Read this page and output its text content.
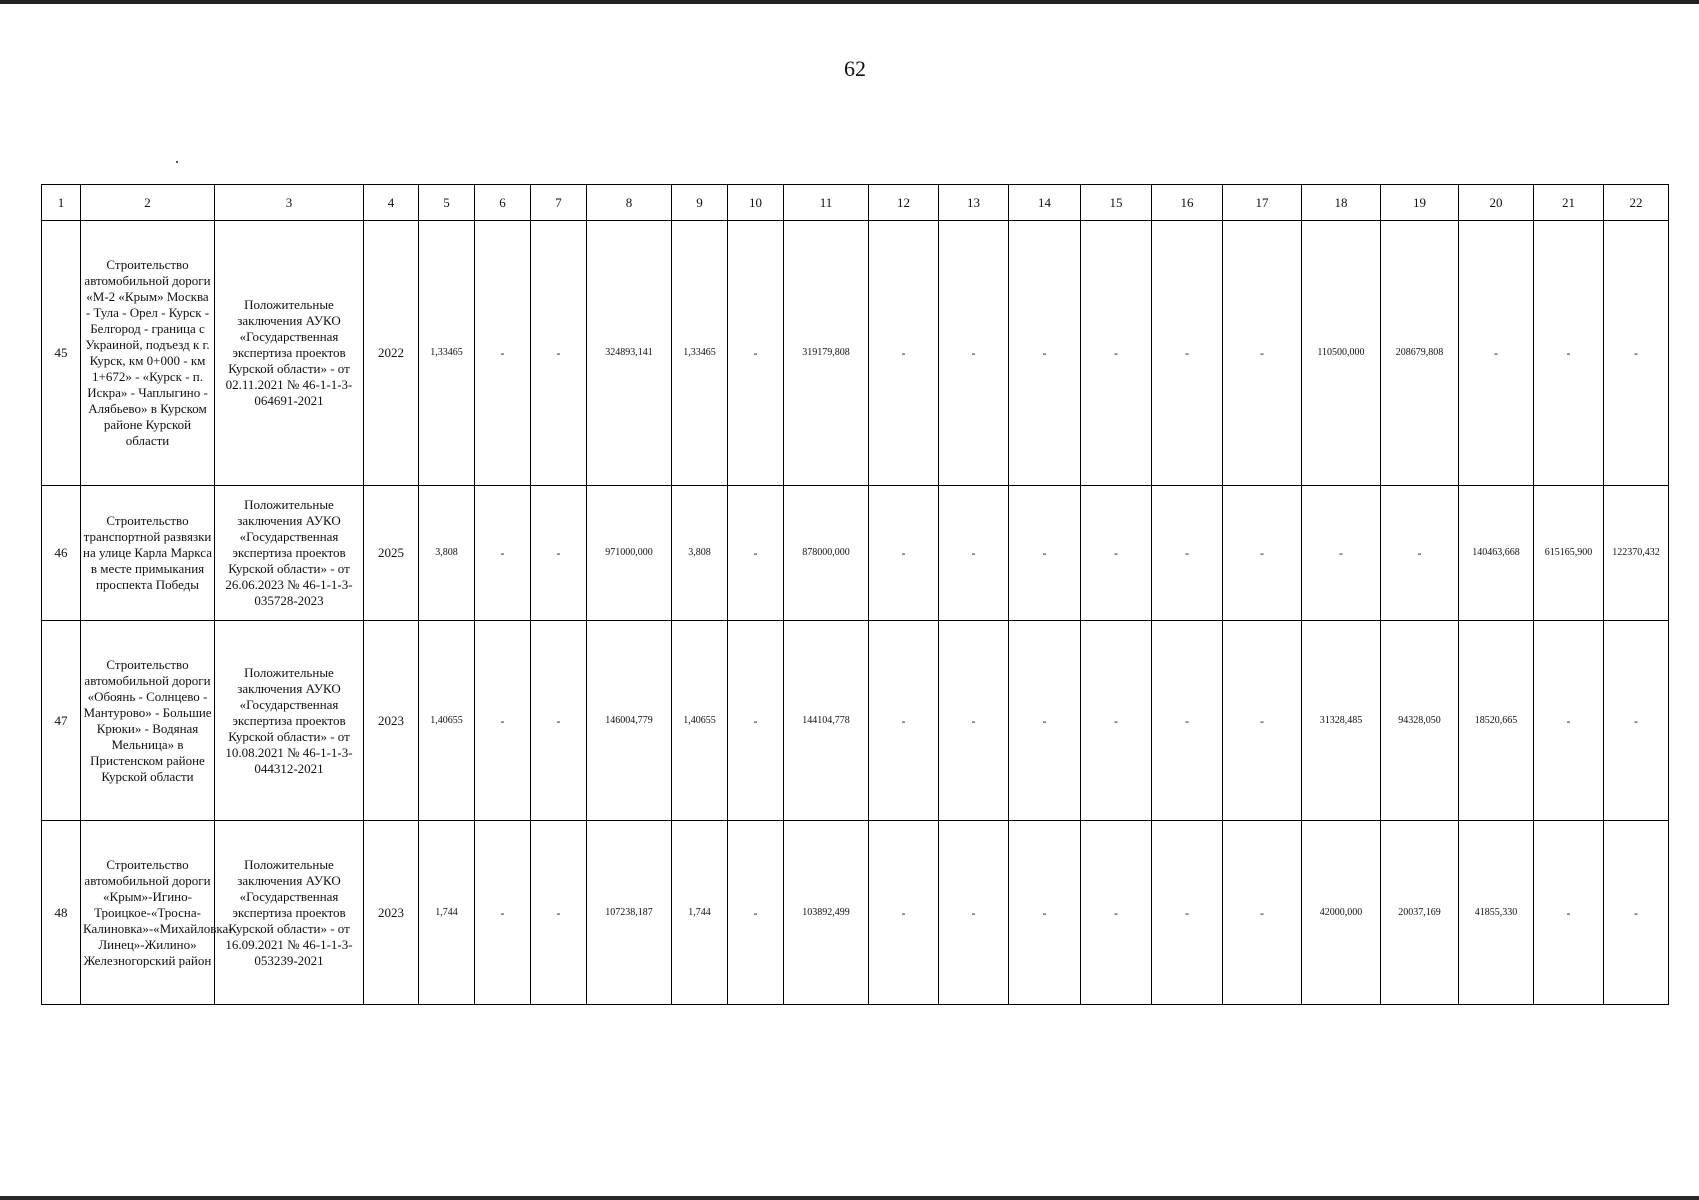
62
1	2	3	4	5	6	7	8	9	10	11	12	13	14	15	16	17	18	19	20	21	22
45	Строительство автомобильной дороги «М-2 «Крым» Москва - Тула - Орел - Курск - Белгород - граница с Украиной, подъезд к г. Курск, км 0+000 - км 1+672» - «Курск - п. Искра» - Чаплыгино - Алябьево» в Курском районе Курской области	Положительные заключения АУКО «Государственная экспертиза проектов Курской области» - от 02.11.2021 № 46-1-1-3-064691-2021	2022	1,33465	-	-	324893,141	1,33465	-	319179,808	-	-	-	-	-	-	110500,000	208679,808	-	-	-
46	Строительство транспортной развязки на улице Карла Маркса в месте примыкания проспекта Победы	Положительные заключения АУКО «Государственная экспертиза проектов Курской области» - от 26.06.2023 № 46-1-1-3-035728-2023	2025	3,808	-	-	971000,000	3,808	-	878000,000	-	-	-	-	-	-	-	-	140463,668	615165,900	122370,432
47	Строительство автомобильной дороги «Обоянь - Солнцево - Мантурово» - Большие Крюки» - Водяная Мельница» в Пристенском районе Курской области	Положительные заключения АУКО «Государственная экспертиза проектов Курской области» - от 10.08.2021 № 46-1-1-3-044312-2021	2023	1,40655	-	-	146004,779	1,40655	-	144104,778	-	-	-	-	-	-	31328,485	94328,050	18520,665	-	-
48	Строительство автомобильной дороги «Крым»-Игино-Троицкое-«Тросна-Калиновка»-«Михайловка-Линец»-Жилино» Железногорский район	Положительные заключения АУКО «Государственная экспертиза проектов Курской области» - от 16.09.2021 № 46-1-1-3-053239-2021	2023	1,744	-	-	107238,187	1,744	-	103892,499	-	-	-	-	-	-	42000,000	20037,169	41855,330	-	-
